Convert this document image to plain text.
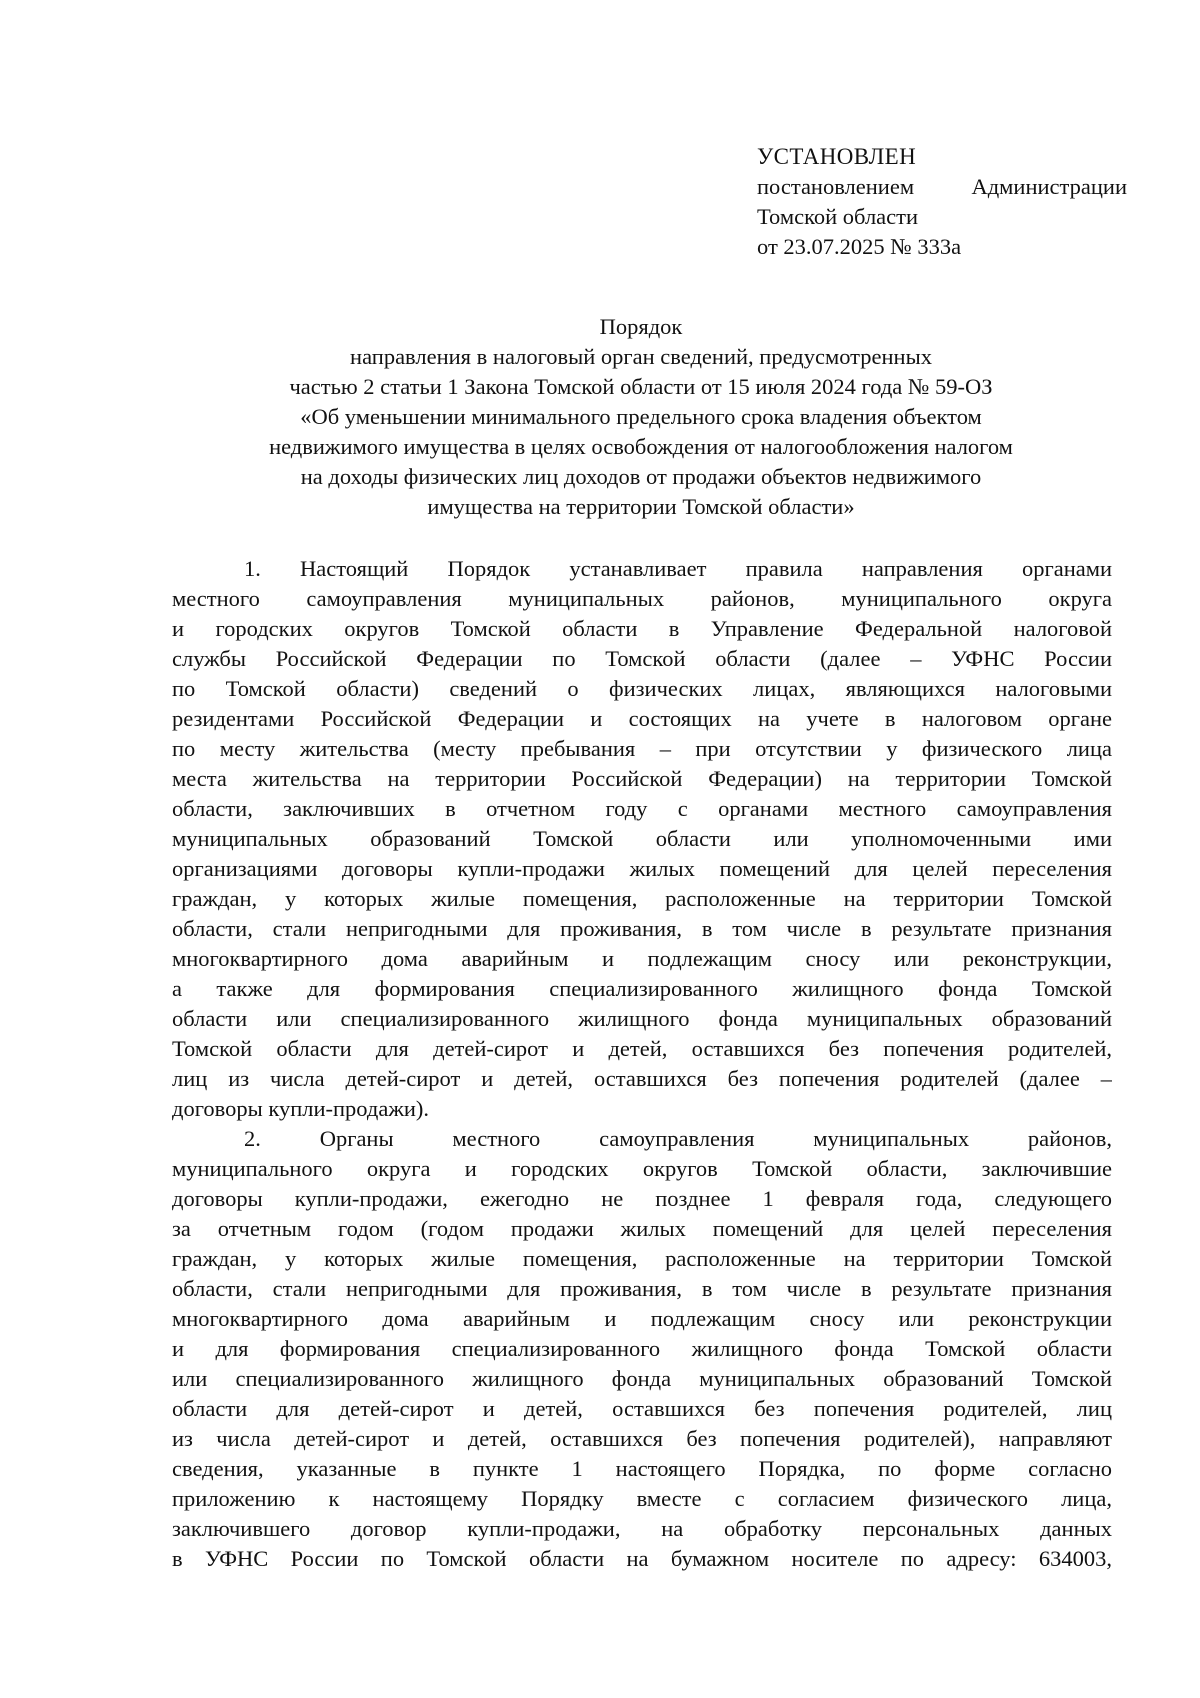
УСТАНОВЛЕН
постановлением	Администрации
Томской области
от 23.07.2025 № 333а
Порядок
направления в налоговый орган сведений, предусмотренных
частью 2 статьи 1 Закона Томской области от 15 июля 2024 года № 59-ОЗ
«Об уменьшении минимального предельного срока владения объектом
недвижимого имущества в целях освобождения от налогообложения налогом
на доходы физических лиц доходов от продажи объектов недвижимого
имущества на территории Томской области»
1. Настоящий Порядок устанавливает правила направления органами
местного самоуправления муниципальных районов, муниципального округа
и городских округов Томской области в Управление Федеральной налоговой
службы Российской Федерации по Томской области (далее – УФНС России
по Томской области) сведений о физических лицах, являющихся налоговыми
резидентами Российской Федерации и состоящих на учете в налоговом органе
по месту жительства (месту пребывания – при отсутствии у физического лица
места жительства на территории Российской Федерации) на территории Томской
области, заключивших в отчетном году с органами местного самоуправления
муниципальных образований Томской области или уполномоченными ими
организациями договоры купли-продажи жилых помещений для целей переселения
граждан, у которых жилые помещения, расположенные на территории Томской
области, стали непригодными для проживания, в том числе в результате признания
многоквартирного дома аварийным и подлежащим сносу или реконструкции,
а также для формирования специализированного жилищного фонда Томской
области или специализированного жилищного фонда муниципальных образований
Томской области для детей-сирот и детей, оставшихся без попечения родителей,
лиц из числа детей-сирот и детей, оставшихся без попечения родителей (далее –
договоры купли-продажи).
2. Органы местного самоуправления муниципальных районов,
муниципального округа и городских округов Томской области, заключившие
договоры купли-продажи, ежегодно не позднее 1 февраля года, следующего
за отчетным годом (годом продажи жилых помещений для целей переселения
граждан, у которых жилые помещения, расположенные на территории Томской
области, стали непригодными для проживания, в том числе в результате признания
многоквартирного дома аварийным и подлежащим сносу или реконструкции
и для формирования специализированного жилищного фонда Томской области
или специализированного жилищного фонда муниципальных образований Томской
области для детей-сирот и детей, оставшихся без попечения родителей, лиц
из числа детей-сирот и детей, оставшихся без попечения родителей), направляют
сведения, указанные в пункте 1 настоящего Порядка, по форме согласно
приложению к настоящему Порядку вместе с согласием физического лица,
заключившего договор купли-продажи, на обработку персональных данных
в УФНС России по Томской области на бумажном носителе по адресу: 634003,
